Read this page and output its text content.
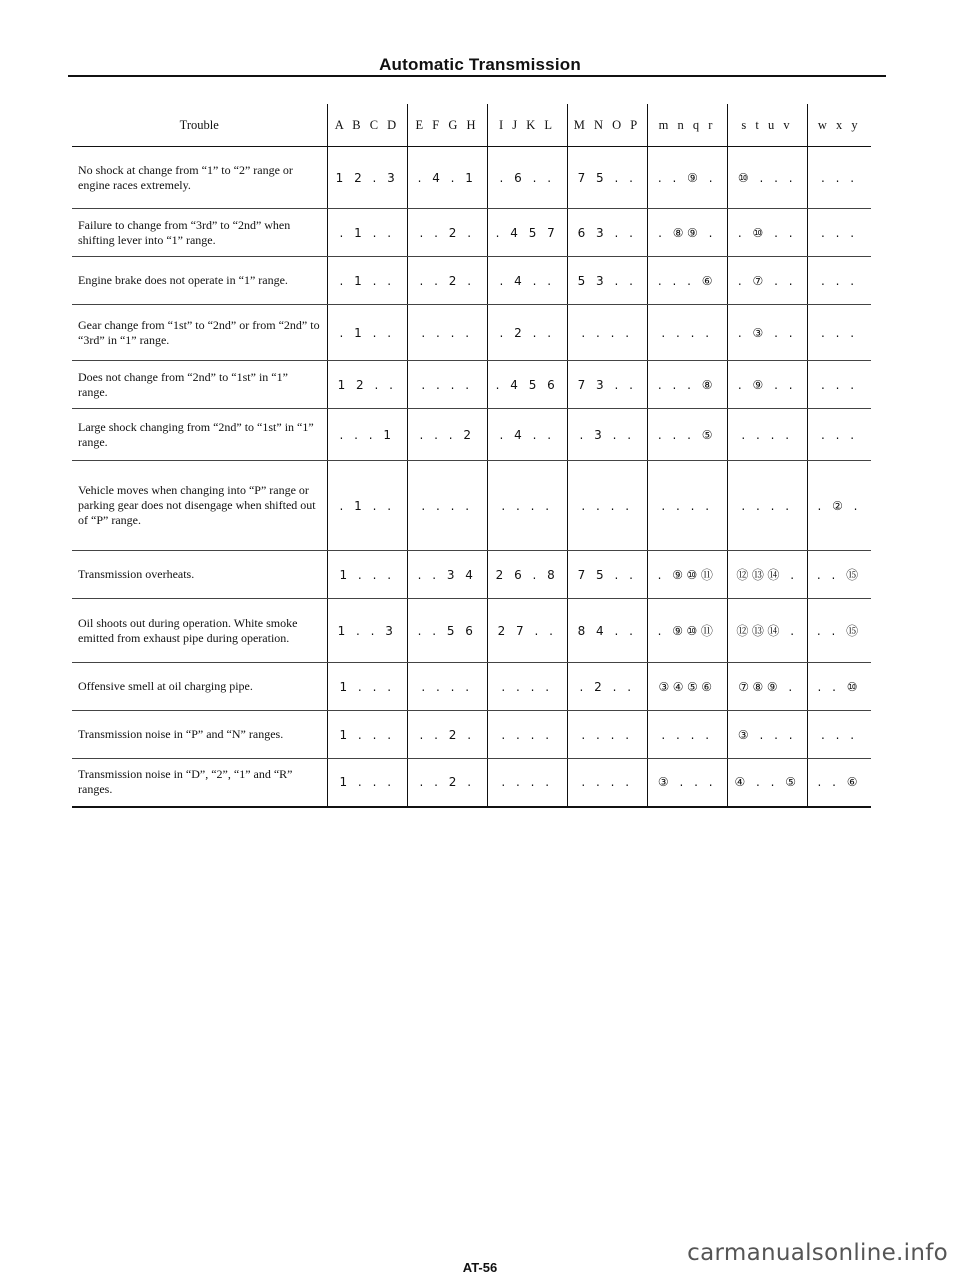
Automatic Transmission
Trouble	A B C D	E F G H	I J K L	M N O P	m n q r	s t u v	w x y
No shock at change from “1” to “2” range or engine races extremely.	1 2 . 3	. 4 . 1	. 6 . .	7 5 . .	. . ⑨ .	⑩ . . .	. . .
Failure to change from “3rd” to “2nd” when shifting lever into “1” range.	. 1 . .	. . 2 .	. 4 5 7	6 3 . .	. ⑧⑨ .	. ⑩ . .	. . .
Engine brake does not operate in “1” range.	. 1 . .	. . 2 .	. 4 . .	5 3 . .	. . . ⑥	. ⑦ . .	. . .
Gear change from “1st” to “2nd” or from “2nd” to “3rd” in “1” range.	. 1 . .	. . . .	. 2 . .	. . . .	. . . .	. ③ . .	. . .
Does not change from “2nd” to “1st” in “1” range.	1 2 . .	. . . .	. 4 5 6	7 3 . .	. . . ⑧	. ⑨ . .	. . .
Large shock changing from “2nd” to “1st” in “1” range.	. . . 1	. . . 2	. 4 . .	. 3 . .	. . . ⑤	. . . .	. . .
Vehicle moves when changing into “P” range or parking gear does not disengage when shifted out of “P” range.	. 1 . .	. . . .	. . . .	. . . .	. . . .	. . . .	. ② .
Transmission overheats.	1 . . .	. . 3 4	2 6 . 8	7 5 . .	. ⑨⑩⑪	⑫⑬⑭ .	. . ⑮
Oil shoots out during operation. White smoke emitted from exhaust pipe during operation.	1 . . 3	. . 5 6	2 7 . .	8 4 . .	. ⑨⑩⑪	⑫⑬⑭ .	. . ⑮
Offensive smell at oil charging pipe.	1 . . .	. . . .	. . . .	. 2 . .	③④⑤⑥	⑦⑧⑨ .	. . ⑩
Transmission noise in “P” and “N” ranges.	1 . . .	. . 2 .	. . . .	. . . .	. . . .	③ . . .	. . .
Transmission noise in “D”, “2”, “1” and “R” ranges.	1 . . .	. . 2 .	. . . .	. . . .	③ . . .	④ . . ⑤	. . ⑥
AT-56
carmanualsonline.info
